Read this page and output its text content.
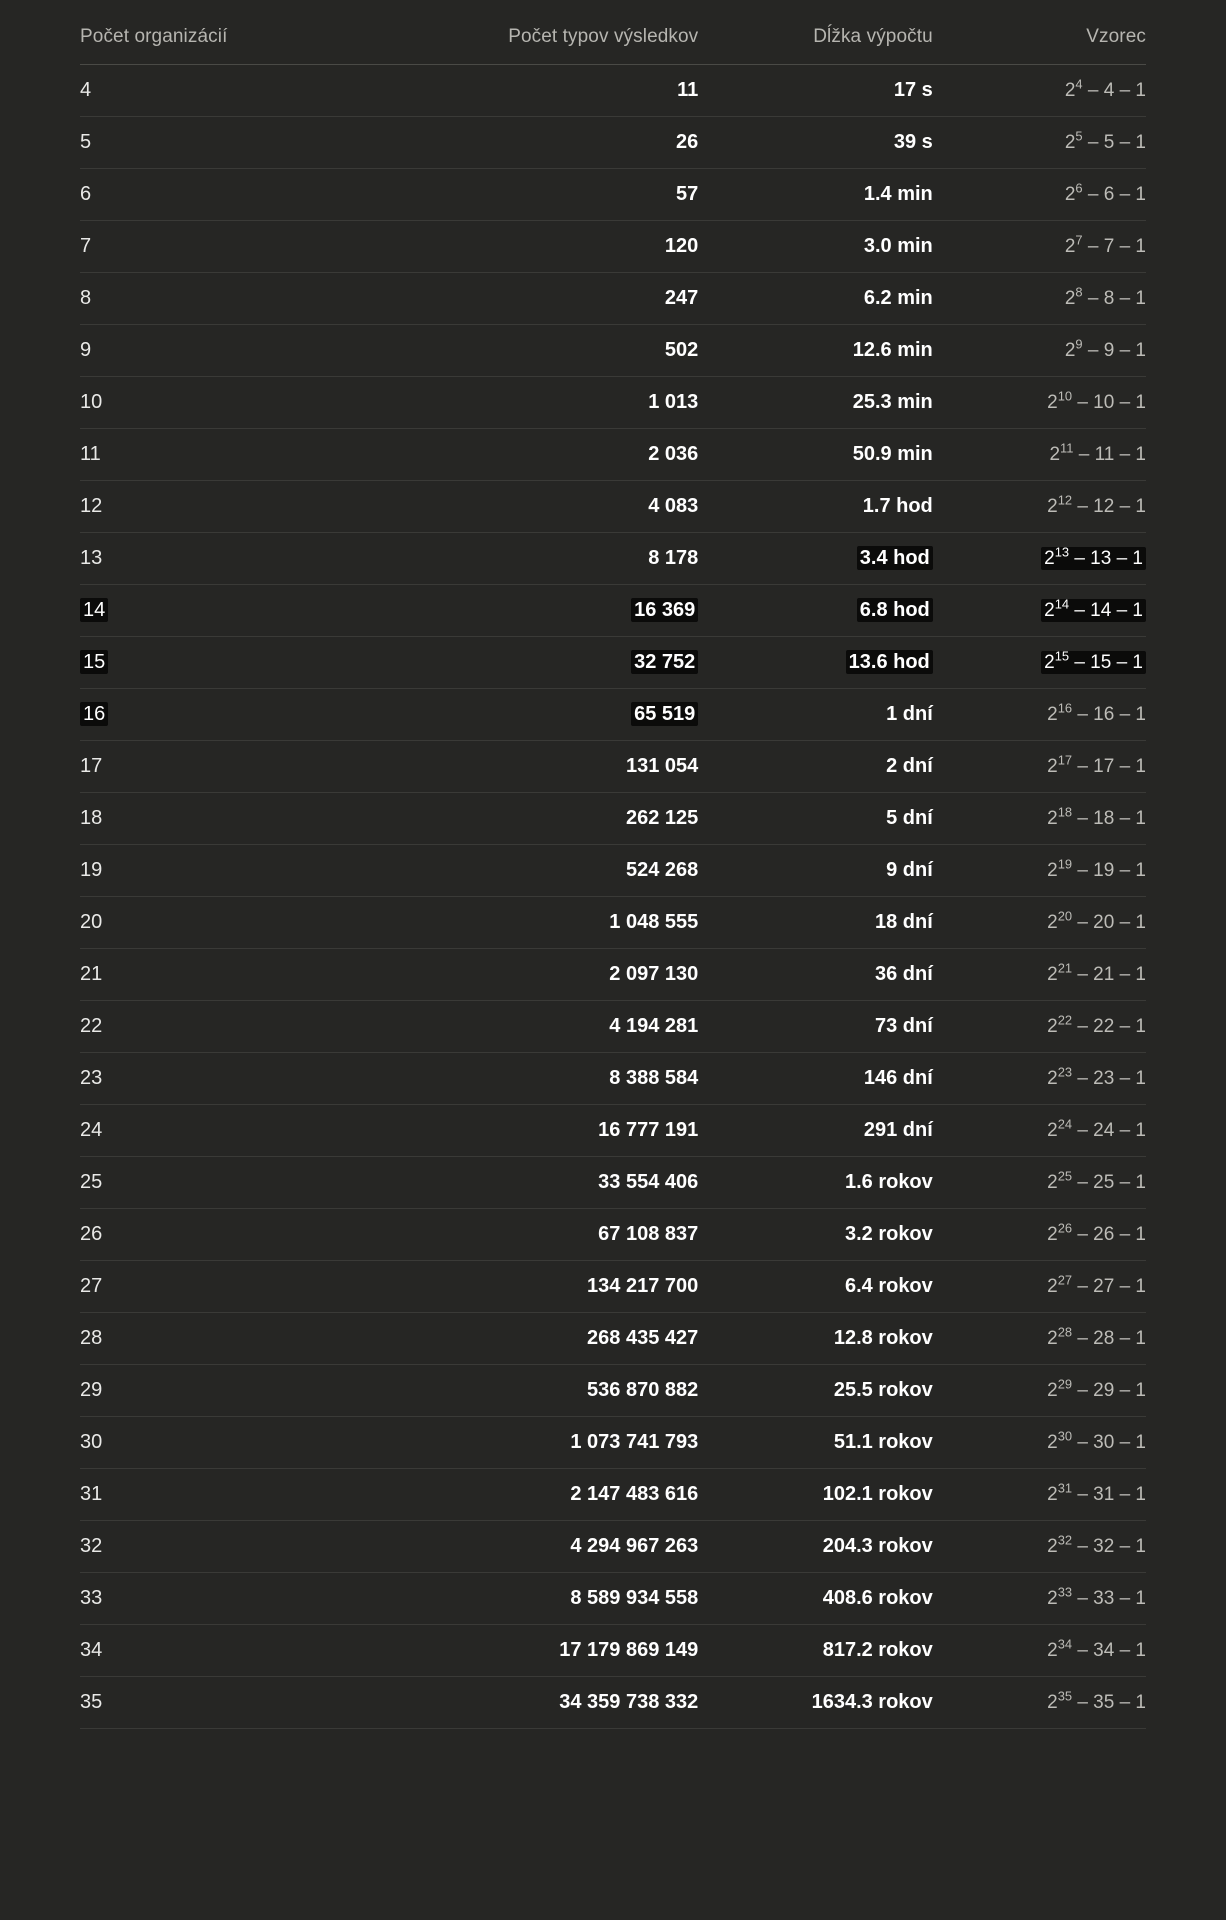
Počet organizácií	Počet typov výsledkov	Dĺžka výpočtu	Vzorec
4	11	17 s	$2^4 - 4 - 1$
5	26	39 s	$2^5 - 5 - 1$
6	57	1.4 min	$2^6 - 6 - 1$
7	120	3.0 min	$2^7 - 7 - 1$
8	247	6.2 min	$2^8 - 8 - 1$
9	502	12.6 min	$2^9 - 9 - 1$
10	1 013	25.3 min	$2^{10} - 10 - 1$
11	2 036	50.9 min	$2^{11} - 11 - 1$
12	4 083	1.7 hod	$2^{12} - 12 - 1$
13	8 178	3.4 hod	$2^{13} - 13 - 1$
14	16 369	6.8 hod	$2^{14} - 14 - 1$
15	32 752	13.6 hod	$2^{15} - 15 - 1$
16	65 519	1 dní	$2^{16} - 16 - 1$
17	131 054	2 dní	$2^{17} - 17 - 1$
18	262 125	5 dní	$2^{18} - 18 - 1$
19	524 268	9 dní	$2^{19} - 19 - 1$
20	1 048 555	18 dní	$2^{20} - 20 - 1$
21	2 097 130	36 dní	$2^{21} - 21 - 1$
22	4 194 281	73 dní	$2^{22} - 22 - 1$
23	8 388 584	146 dní	$2^{23} - 23 - 1$
24	16 777 191	291 dní	$2^{24} - 24 - 1$
25	33 554 406	1.6 rokov	$2^{25} - 25 - 1$
26	67 108 837	3.2 rokov	$2^{26} - 26 - 1$
27	134 217 700	6.4 rokov	$2^{27} - 27 - 1$
28	268 435 427	12.8 rokov	$2^{28} - 28 - 1$
29	536 870 882	25.5 rokov	$2^{29} - 29 - 1$
30	1 073 741 793	51.1 rokov	$2^{30} - 30 - 1$
31	2 147 483 616	102.1 rokov	$2^{31} - 31 - 1$
32	4 294 967 263	204.3 rokov	$2^{32} - 32 - 1$
33	8 589 934 558	408.6 rokov	$2^{33} - 33 - 1$
34	17 179 869 149	817.2 rokov	$2^{34} - 34 - 1$
35	34 359 738 332	1634.3 rokov	$2^{35} - 35 - 1$
